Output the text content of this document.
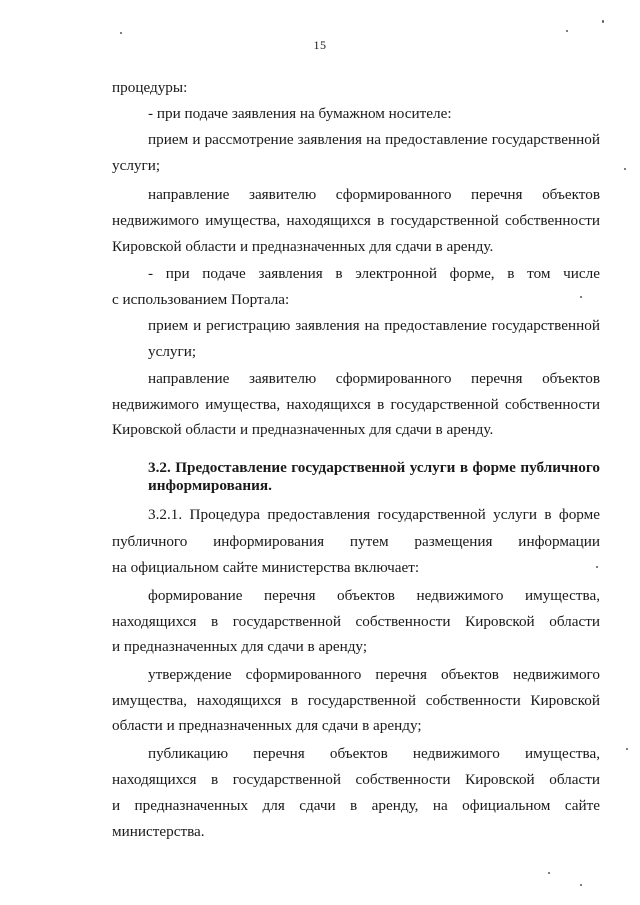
15
процедуры:
- при подаче заявления на бумажном носителе:
прием и рассмотрение заявления на предоставление государственной
услуги;
направление заявителю сформированного перечня объектов
недвижимого имущества, находящихся в государственной собственности
Кировской области и предназначенных для сдачи в аренду.
- при подаче заявления в электронной форме, в том числе
с использованием Портала:
прием и регистрацию заявления на предоставление государственной
услуги;
направление заявителю сформированного перечня объектов
недвижимого имущества, находящихся в государственной собственности
Кировской области и предназначенных для сдачи в аренду.
3.2. Предоставление государственной услуги в форме публичного
информирования.
3.2.1. Процедура предоставления государственной услуги в форме
публичного информирования путем размещения информации
на официальном сайте министерства включает:
формирование перечня объектов недвижимого имущества,
находящихся в государственной собственности Кировской области
и предназначенных для сдачи в аренду;
утверждение сформированного перечня объектов недвижимого
имущества, находящихся в государственной собственности Кировской
области и предназначенных для сдачи в аренду;
публикацию перечня объектов недвижимого имущества,
находящихся в государственной собственности Кировской области
и предназначенных для сдачи в аренду, на официальном сайте
министерства.
